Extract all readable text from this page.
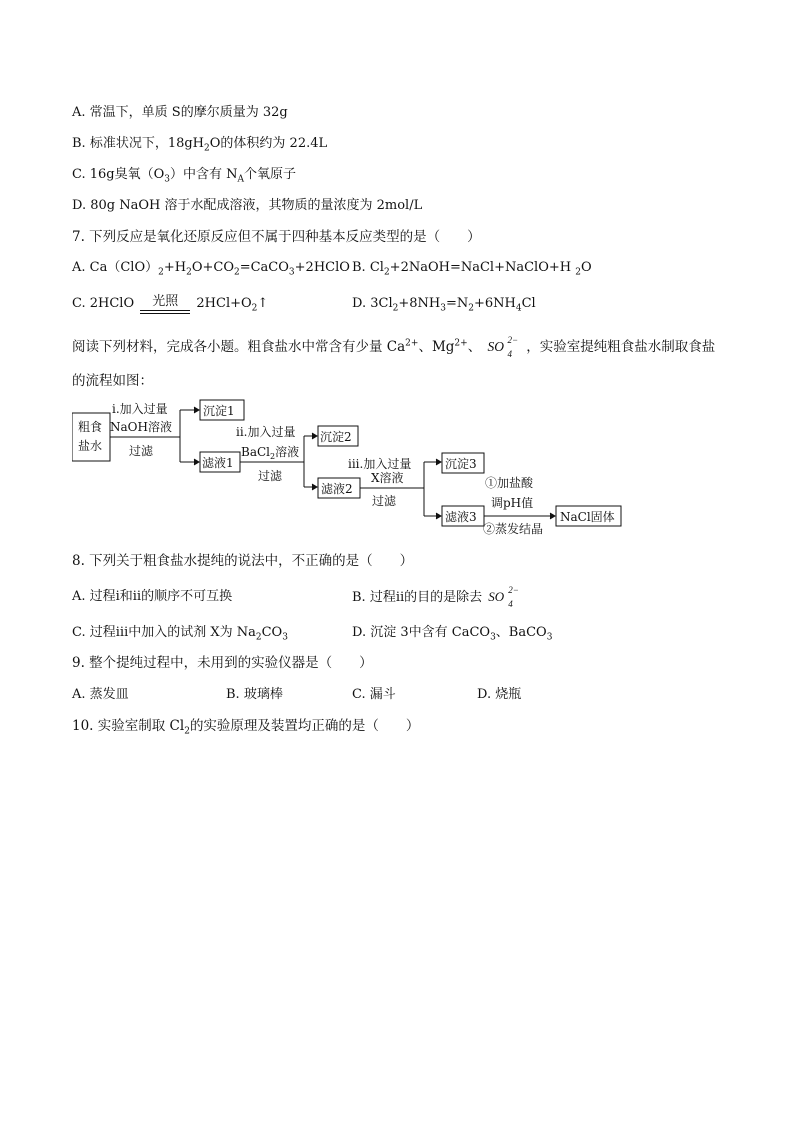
A. 常温下，单质 S的摩尔质量为 32g
B. 标准状况下，$18gH_2O$的体积约为 22.4L
C. 16g臭氧$(O_3)$中含有 $N_A$个氧原子
D. 80g NaOH 溶于水配成溶液，其物质的量浓度为 2mol/L
7. 下列反应是氧化还原反应但不属于四种基本反应类型的是（　　）
A. $Ca(ClO)_2+H_2O+CO_2=CaCO_3+2HClO$ B. $Cl_2+2NaOH=NaCl+NaClO+H$ $_2$O
C. 2HClO	光照	$2HCl+O_2↑$	D. $3Cl_2+8NH_3=N_2+6NH_4Cl$
阅读下列材料，完成各小题。粗食盐水中常含有少量 $Ca^{2+}$、$Mg^{2+}$、 SO 2−
4 ，实验室提纯粗食盐水制取食盐
的流程如图：
粗食
盐水
i.加入过量
NaOH溶液
过滤
沉淀1
滤液1
ii.加入过量
BaCl$_2$溶液
过滤
沉淀2
滤液2
iii.加入过量
X溶液
过滤
沉淀3
滤液3
①加盐酸
调pH值
②蒸发结晶
NaCl固体
8. 下列关于粗食盐水提纯的说法中，不正确的是（　　）
A. 过程ⅰ和ⅱ的顺序不可互换	B. 过程ⅱ的目的是除去 SO 2−
4
C. 过程ⅲ中加入的试剂 X为 $Na_2CO_3$	D. 沉淀 3中含有 CaCO$_3$、BaCO$_3$
9. 整个提纯过程中，未用到的实验仪器是（　　）
A. 蒸发皿	B. 玻璃棒	C. 漏斗	D. 烧瓶
10. 实验室制取 $Cl_2$的实验原理及装置均正确的是（　　）
